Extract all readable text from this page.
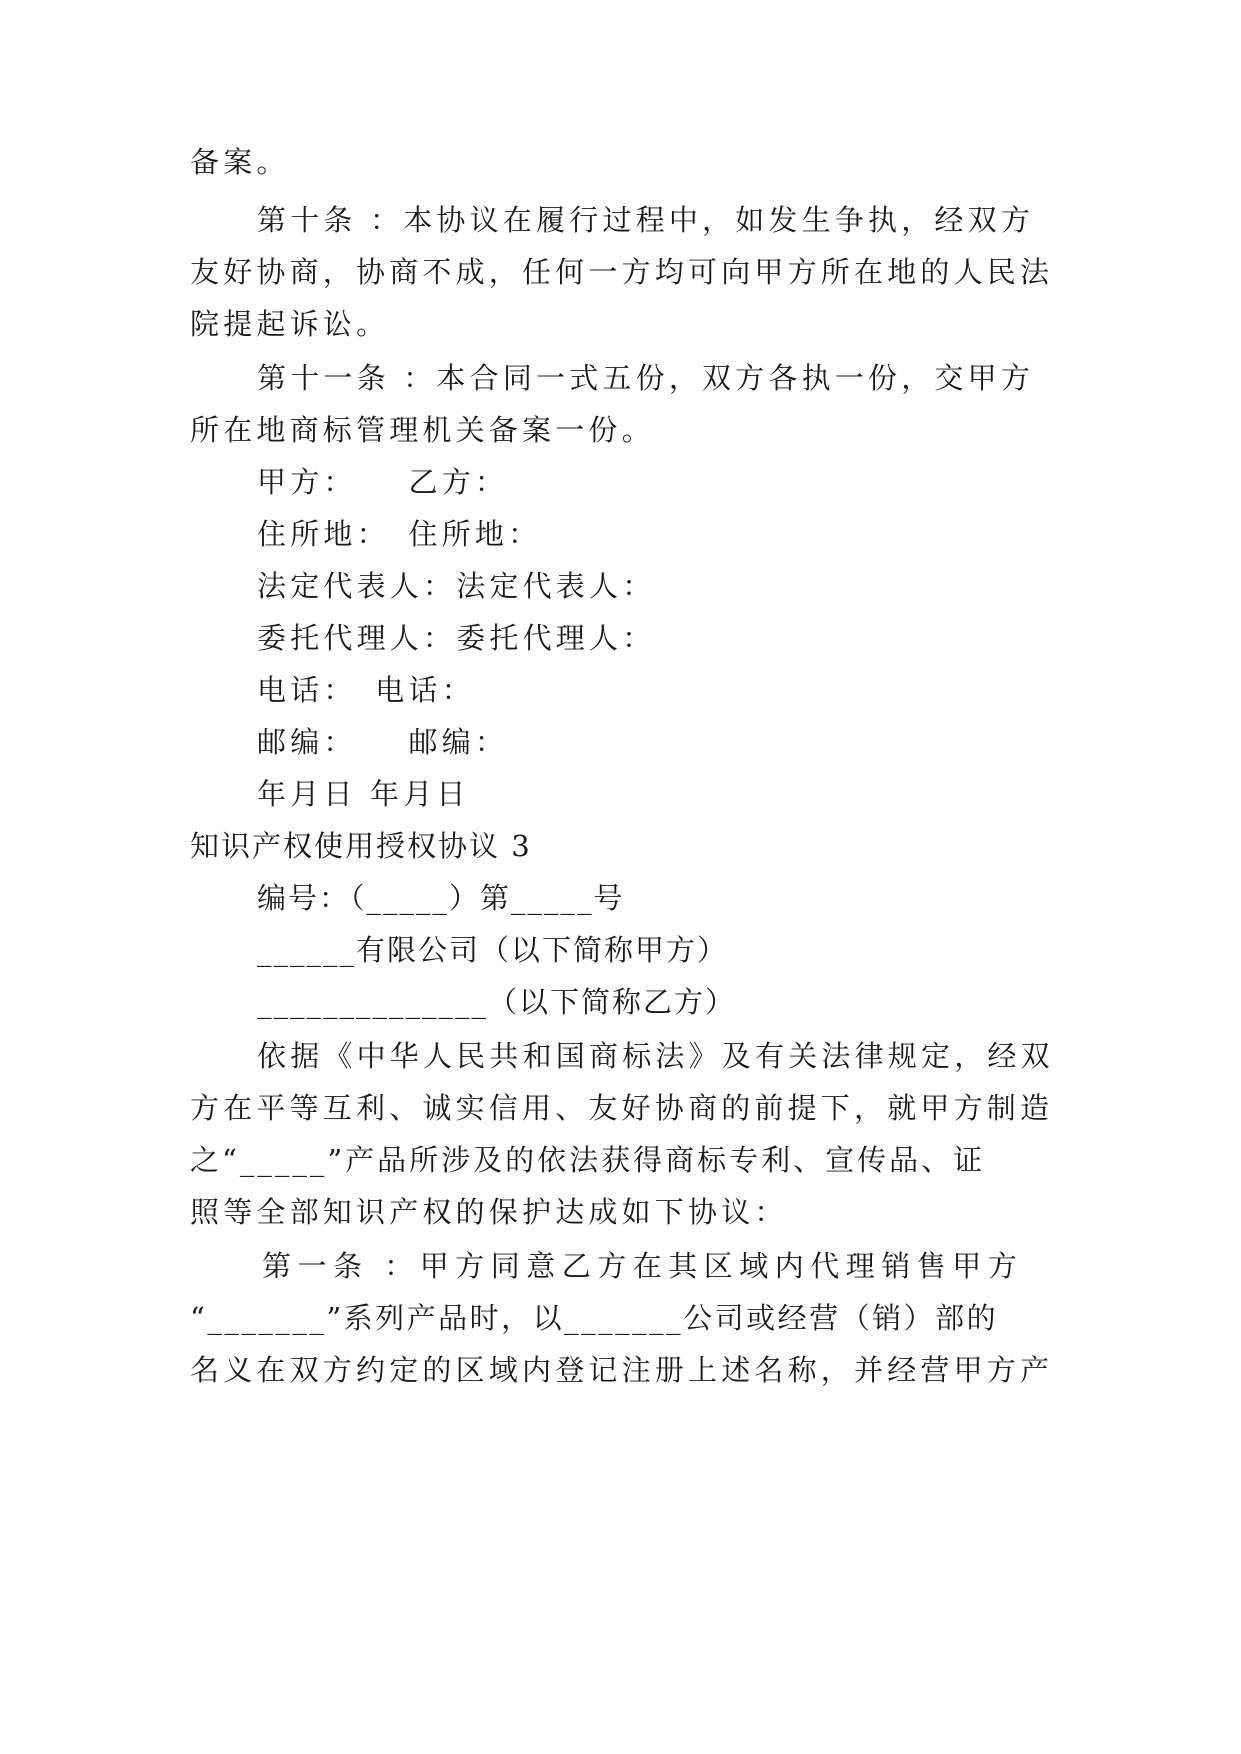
备案。
第十条 ：本协议在履行过程中，如发生争执，经双方
友好协商，协商不成，任何一方均可向甲方所在地的人民法
院提起诉讼。
第十一条 ：本合同一式五份，双方各执一份，交甲方
所在地商标管理机关备案一份。
甲方：　　乙方：
住所地：　住所地：
法定代表人：法定代表人：
委托代理人：委托代理人：
电话：　电话：
邮编：　　邮编：
年月日 年月日
知识产权使用授权协议 3
编号：（_____）第_____号
______有限公司（以下简称甲方）
______________（以下简称乙方）
依据《中华人民共和国商标法》及有关法律规定，经双
方在平等互利、诚实信用、友好协商的前提下，就甲方制造
之“_____”产品所涉及的依法获得商标专利、宣传品、证
照等全部知识产权的保护达成如下协议：
第一条 ：甲方同意乙方在其区域内代理销售甲方
“_______”系列产品时，以_______公司或经营（销）部的
名义在双方约定的区域内登记注册上述名称，并经营甲方产
